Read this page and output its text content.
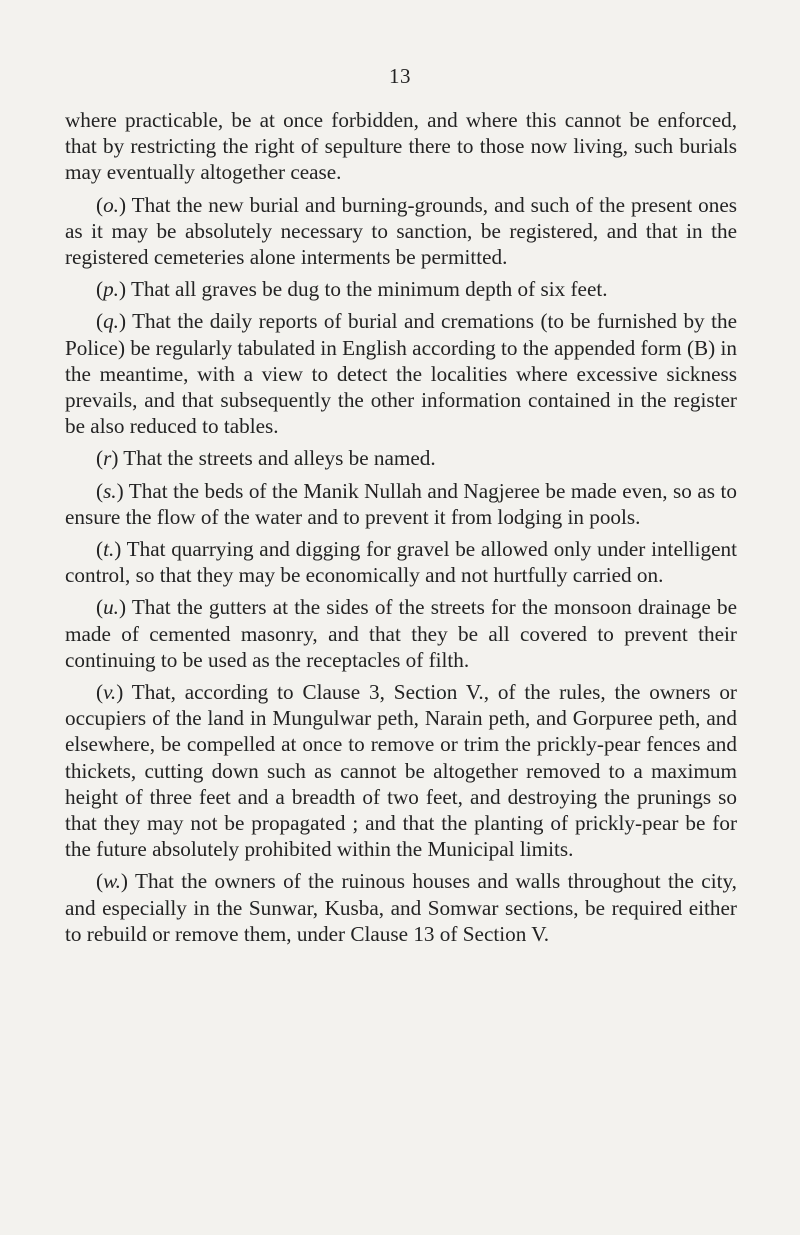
13

where practicable, be at once forbidden, and where this cannot be enforced, that by restricting the right of sepulture there to those now living, such burials may eventually altogether cease.

(o.) That the new burial and burning-grounds, and such of the present ones as it may be absolutely necessary to sanction, be registered, and that in the registered cemeteries alone interments be permitted.

(p.) That all graves be dug to the minimum depth of six feet.

(q.) That the daily reports of burial and cremations (to be furnished by the Police) be regularly tabulated in English according to the appended form (B) in the meantime, with a view to detect the localities where excessive sickness prevails, and that subsequently the other information contained in the register be also reduced to tables.

(r) That the streets and alleys be named.

(s.) That the beds of the Manik Nullah and Nagjeree be made even, so as to ensure the flow of the water and to prevent it from lodging in pools.

(t.) That quarrying and digging for gravel be allowed only under intelligent control, so that they may be economically and not hurtfully carried on.

(u.) That the gutters at the sides of the streets for the monsoon drainage be made of cemented masonry, and that they be all covered to prevent their continuing to be used as the receptacles of filth.

(v.) That, according to Clause 3, Section V., of the rules, the owners or occupiers of the land in Mungulwar peth, Narain peth, and Gorpuree peth, and elsewhere, be compelled at once to remove or trim the prickly-pear fences and thickets, cutting down such as cannot be altogether removed to a maximum height of three feet and a breadth of two feet, and destroying the prunings so that they may not be propagated ; and that the planting of prickly-pear be for the future absolutely prohibited within the Municipal limits.

(w.) That the owners of the ruinous houses and walls throughout the city, and especially in the Sunwar, Kusba, and Somwar sections, be required either to rebuild or remove them, under Clause 13 of Section V.
